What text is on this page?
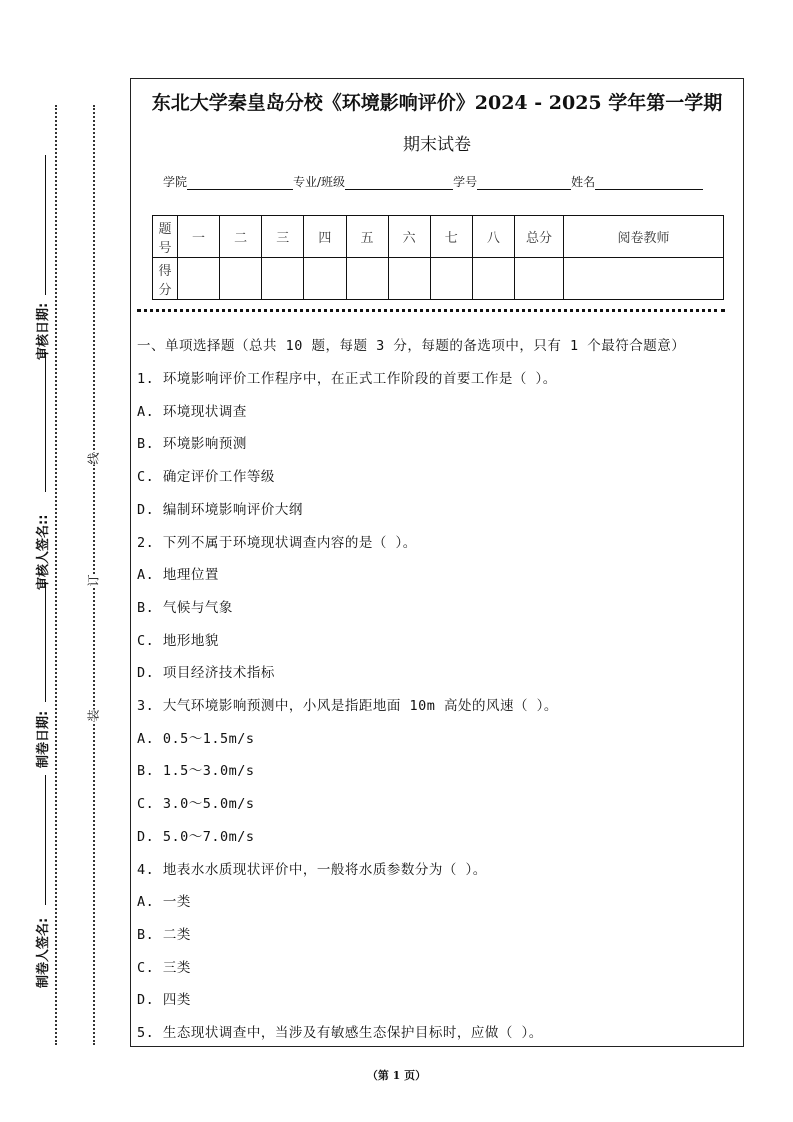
审核日期:
审核人签名::
制卷日期:
制卷人签名:
线
订
装
东北大学秦皇岛分校《环境影响评价》2024 - 2025 学年第一学期
期末试卷
学院	专业/班级	学号	姓名
题号	一	二	三	四	五	六	七	八	总分	阅卷教师
得分										
一、单项选择题（总共 10 题，每题 3 分，每题的备选项中，只有 1 个最符合题意）
1. 环境影响评价工作程序中，在正式工作阶段的首要工作是（ ）。
A. 环境现状调查
B. 环境影响预测
C. 确定评价工作等级
D. 编制环境影响评价大纲
2. 下列不属于环境现状调查内容的是（ ）。
A. 地理位置
B. 气候与气象
C. 地形地貌
D. 项目经济技术指标
3. 大气环境影响预测中，小风是指距地面 10m 高处的风速（ ）。
A. 0.5～1.5m/s
B. 1.5～3.0m/s
C. 3.0～5.0m/s
D. 5.0～7.0m/s
4. 地表水水质现状评价中，一般将水质参数分为（ ）。
A. 一类
B. 二类
C. 三类
D. 四类
5. 生态现状调查中，当涉及有敏感生态保护目标时，应做（ ）。
（第 1 页）
